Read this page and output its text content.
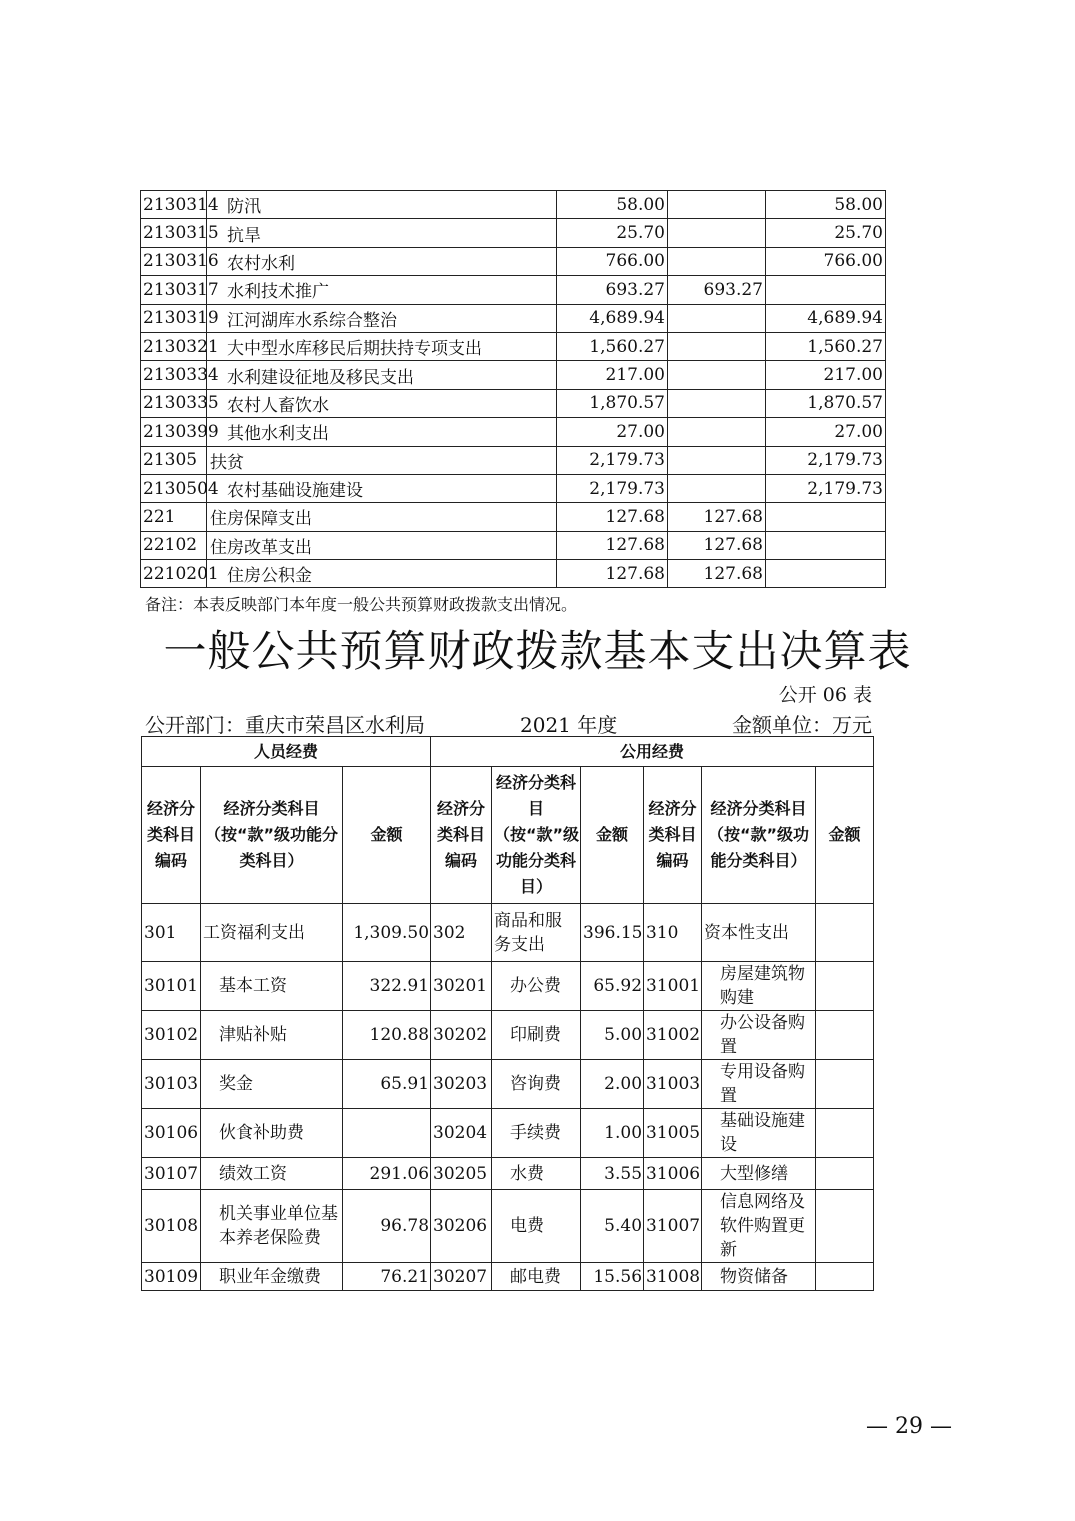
2130314	防汛	58.00		58.00
2130315	抗旱	25.70		25.70
2130316	农村水利	766.00		766.00
2130317	水利技术推广	693.27	693.27	
2130319	江河湖库水系综合整治	4,689.94		4,689.94
2130321	大中型水库移民后期扶持专项支出	1,560.27		1,560.27
2130334	水利建设征地及移民支出	217.00		217.00
2130335	农村人畜饮水	1,870.57		1,870.57
2130399	其他水利支出	27.00		27.00
21305	扶贫	2,179.73		2,179.73
2130504	农村基础设施建设	2,179.73		2,179.73
221	住房保障支出	127.68	127.68	
22102	住房改革支出	127.68	127.68	
2210201	住房公积金	127.68	127.68	
备注：本表反映部门本年度一般公共预算财政拨款支出情况。
一般公共预算财政拨款基本支出决算表
公开 06 表
公开部门：重庆市荣昌区水利局	2021 年度	金额单位：万元
人员经费			公用经费					
经济分类科目编码	经济分类科目（按“款”级功能分类科目）	金额	经济分类科目编码	经济分类科目（按“款”级功能分类科目）	金额	经济分类科目编码	经济分类科目（按“款”级功能分类科目）	金额
301	工资福利支出	1,309.50	302	商品和服务支出	396.15	310	资本性支出	
30101	基本工资	322.91	30201	办公费	65.92	31001	房屋建筑物购建	
30102	津贴补贴	120.88	30202	印刷费	5.00	31002	办公设备购置	
30103	奖金	65.91	30203	咨询费	2.00	31003	专用设备购置	
30106	伙食补助费		30204	手续费	1.00	31005	基础设施建设	
30107	绩效工资	291.06	30205	水费	3.55	31006	大型修缮	
30108	机关事业单位基本养老保险费	96.78	30206	电费	5.40	31007	信息网络及软件购置更新	
30109	职业年金缴费	76.21	30207	邮电费	15.56	31008	物资储备	
— 29 —
